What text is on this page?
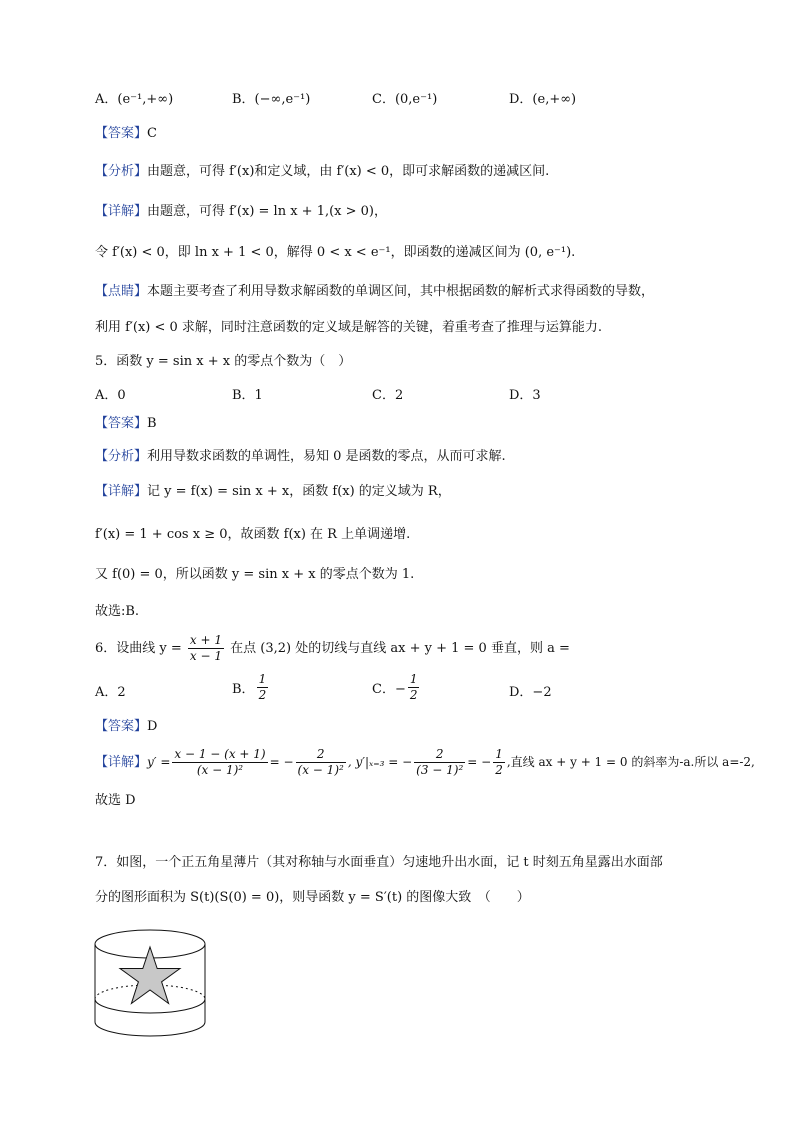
A．(e⁻¹,+∞)	B．(−∞,e⁻¹)	C．(0,e⁻¹)	D．(e,+∞)
【答案】C
【分析】由题意，可得 f′(x)和定义域，由 f′(x) < 0，即可求解函数的递减区间.
【详解】由题意，可得 f′(x) = ln x + 1,(x > 0)，
令 f′(x) < 0，即 ln x + 1 < 0，解得 0 < x < e⁻¹，即函数的递减区间为 (0, e⁻¹).
【点睛】本题主要考查了利用导数求解函数的单调区间，其中根据函数的解析式求得函数的导数，
利用 f′(x) < 0 求解，同时注意函数的定义域是解答的关键，着重考查了推理与运算能力.
5．函数 y = sin x + x 的零点个数为（　）
A．0	B．1	C．2	D．3
【答案】B
【分析】利用导数求函数的单调性，易知 0 是函数的零点，从而可求解.
【详解】记 y = f(x) = sin x + x，函数 f(x) 的定义域为 R，
f′(x) = 1 + cos x ≥ 0，故函数 f(x) 在 R 上单调递增.
又 f(0) = 0，所以函数 y = sin x + x 的零点个数为 1.
故选:B.
6．设曲线 $y = \frac{x + 1}{x - 1}$ 在点 (3,2) 处的切线与直线 ax + y + 1 = 0 垂直，则 a =
A．2	B． $\frac{1}{2}$	C．− $\frac{1}{2}$	D．−2
【答案】D
【详解】$y' = \frac{x - 1 - (x + 1)}{\text{(x − 1)²}}$ = − $\frac{2}{\text{(x − 1)²}}$ , y′|ₓ₌₃ = − $\frac{2}{\text{(3 − 1)²}}$ = − $\frac{1}{2}$ ,直线 ax + y + 1 = 0 的斜率为-a.所以 a=-2,
故选 D
7．如图，一个正五角星薄片（其对称轴与水面垂直）匀速地升出水面，记 t 时刻五角星露出水面部
分的图形面积为 S(t)(S(0) = 0)，则导函数 y = S′(t) 的图像大致　（　　）
